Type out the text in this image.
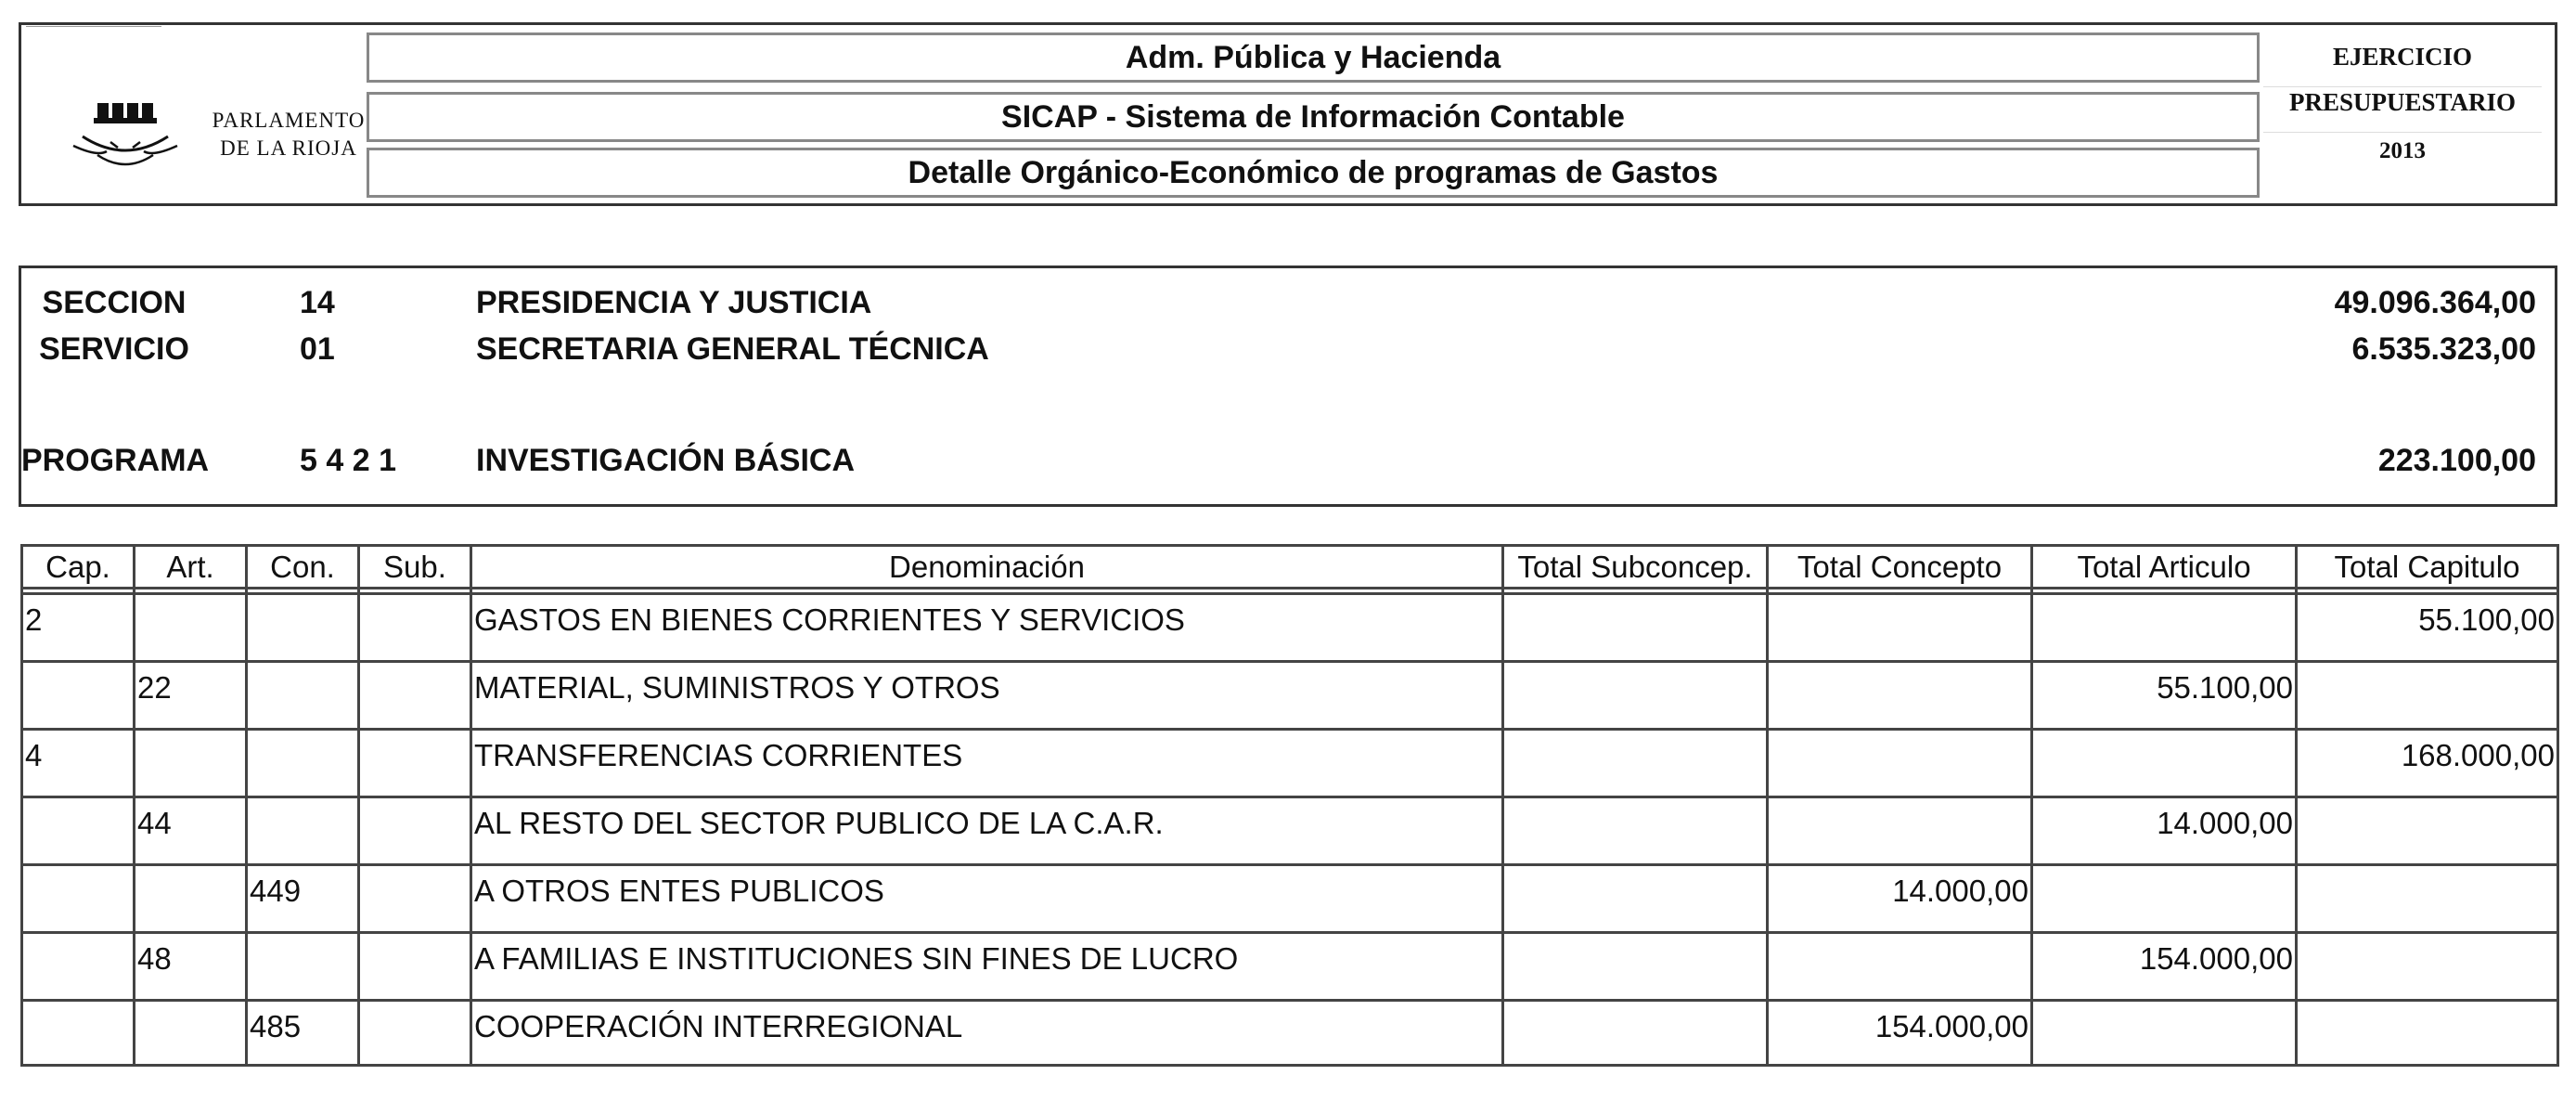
PARLAMENTO
DE LA RIOJA
Adm. Pública y Hacienda
SICAP - Sistema de Información Contable
Detalle Orgánico-Económico de programas de Gastos
EJERCICIO
PRESUPUESTARIO
2013
SECCION	14	PRESIDENCIA Y JUSTICIA	49.096.364,00
SERVICIO	01	SECRETARIA GENERAL TÉCNICA	6.535.323,00
PROGRAMA	5 4 2 1	INVESTIGACIÓN BÁSICA	223.100,00
Cap.	Art.	Con.	Sub.	Denominación	Total Subconcep.	Total Concepto	Total Articulo	Total Capitulo

2				GASTOS EN BIENES CORRIENTES Y SERVICIOS				55.100,00
	22			MATERIAL, SUMINISTROS Y OTROS			55.100,00	
4				TRANSFERENCIAS CORRIENTES				168.000,00
	44			AL RESTO DEL SECTOR PUBLICO DE LA C.A.R.			14.000,00	
		449		A OTROS ENTES PUBLICOS		14.000,00		
	48			A FAMILIAS E INSTITUCIONES SIN FINES DE LUCRO			154.000,00	
		485		COOPERACIÓN INTERREGIONAL		154.000,00		
